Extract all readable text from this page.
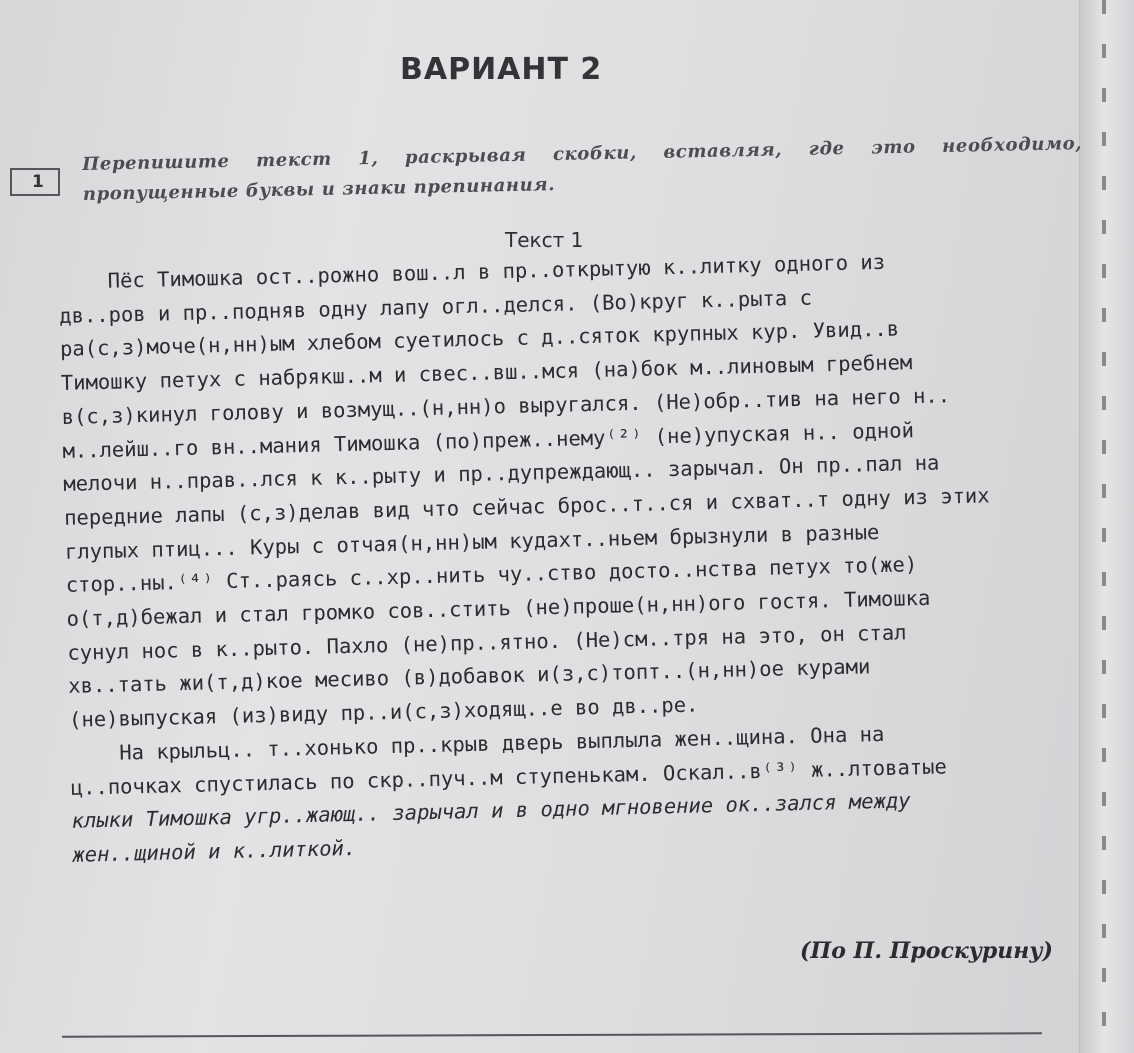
ВАРИАНТ 2
1
Перепишите текст 1, раскрывая скобки, вставляя, где это необходимо, пропущенные буквы и знаки препинания.
Текст 1
Пёс Тимошка ост..рожно вош..л в пр..открытую к..литку одного из
дв..ров и пр..подняв одну лапу огл..делся. (Во)круг к..рыта с
ра(с,з)моче(н,нн)ым хлебом суетилось с д..сяток крупных кур. Увид..в
Тимошку петух с набрякш..м и свес..вш..мся (на)бок м..линовым гребнем
в(с,з)кинул голову и возмущ..(н,нн)о выругался. (Не)обр..тив на него н..
м..лейш..го вн..мания Тимошка (по)преж..нему⁽²⁾ (не)упуская н.. одной
мелочи н..прав..лся к к..рыту и пр..дупреждающ.. зарычал. Он пр..пал на
передние лапы (с,з)делав вид что сейчас брос..т..ся и схват..т одну из этих
глупых птиц... Куры с отчая(н,нн)ым кудахт..ньем брызнули в разные
стор..ны.⁽⁴⁾ Ст..раясь с..хр..нить чу..ство досто..нства петух то(же)
о(т,д)бежал и стал громко сов..стить (не)проше(н,нн)ого гостя. Тимошка
сунул нос в к..рыто. Пахло (не)пр..ятно. (Не)см..тря на это, он стал
хв..тать жи(т,д)кое месиво (в)добавок и(з,с)топт..(н,нн)ое курами
(не)выпуская (из)виду пр..и(с,з)ходящ..е во дв..ре.
На крыльц.. т..хонько пр..крыв дверь выплыла жен..щина. Она на
ц..почках спустилась по скр..пуч..м ступенькам. Оскал..в⁽³⁾ ж..лтоватые
клыки Тимошка угр..жающ.. зарычал и в одно мгновение ок..зался между
жен..щиной и к..литкой.
(По П. Проскурину)
